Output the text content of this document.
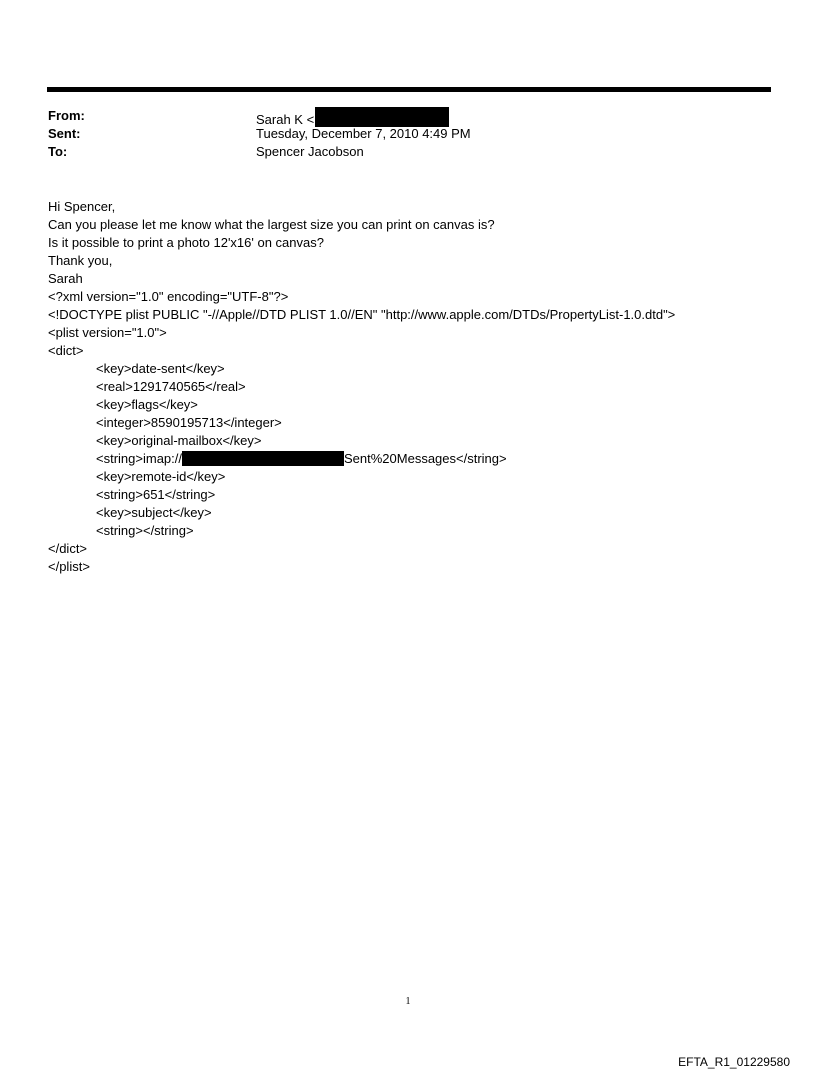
From:	Sarah K <
Sent:	Tuesday, December 7, 2010 4:49 PM
To:	Spencer Jacobson
Hi Spencer,
Can you please let me know what the largest size you can print on canvas is?
Is it possible to print a photo 12'x16' on canvas?
Thank you,
Sarah
<?xml version="1.0" encoding="UTF-8"?>
<!DOCTYPE plist PUBLIC "-//Apple//DTD PLIST 1.0//EN" "http://www.apple.com/DTDs/PropertyList-1.0.dtd">
<plist version="1.0">
<dict>
<key>date-sent</key>
<real>1291740565</real>
<key>flags</key>
<integer>8590195713</integer>
<key>original-mailbox</key>
<string>imap://	Sent%20Messages</string>
<key>remote-id</key>
<string>651</string>
<key>subject</key>
<string></string>
</dict>
</plist>
1
EFTA_R1_01229580
